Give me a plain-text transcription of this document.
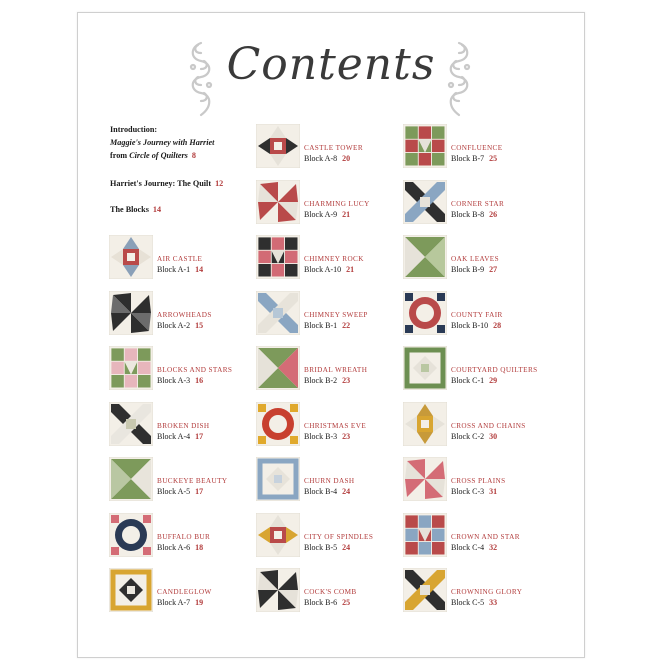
Contents
Introduction:
Maggie's Journey with Harriet
from Circle of Quilters 8
Harriet's Journey: The Quilt 12
The Blocks 14
AIR CASTLE
Block A-1 14
ARROWHEADS
Block A-2 15
BLOCKS AND STARS
Block A-3 16
BROKEN DISH
Block A-4 17
BUCKEYE BEAUTY
Block A-5 17
BUFFALO BUR
Block A-6 18
CANDLEGLOW
Block A-7 19
CASTLE TOWER
Block A-8 20
CHARMING LUCY
Block A-9 21
CHIMNEY ROCK
Block A-10 21
CHIMNEY SWEEP
Block B-1 22
BRIDAL WREATH
Block B-2 23
CHRISTMAS EVE
Block B-3 23
CHURN DASH
Block B-4 24
CITY OF SPINDLES
Block B-5 24
COCK'S COMB
Block B-6 25
CONFLUENCE
Block B-7 25
CORNER STAR
Block B-8 26
OAK LEAVES
Block B-9 27
COUNTY FAIR
Block B-10 28
COURTYARD QUILTERS
Block C-1 29
CROSS AND CHAINS
Block C-2 30
CROSS PLAINS
Block C-3 31
CROWN AND STAR
Block C-4 32
CROWNING GLORY
Block C-5 33
